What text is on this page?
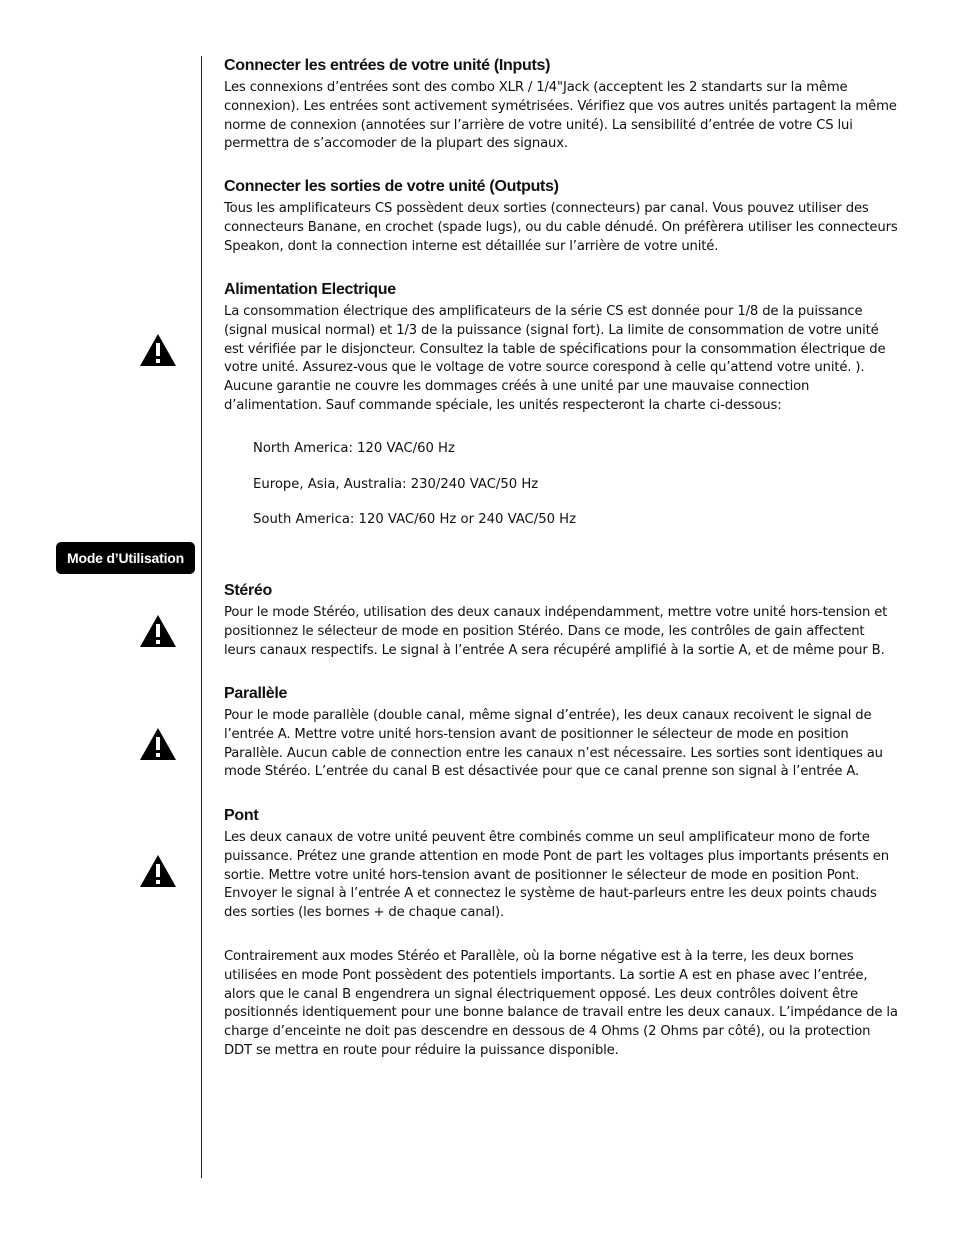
Mode d’Utilisation
Connecter les entrées de votre unité (Inputs)

Les connexions d’entrées sont des combo XLR / 1/4"Jack (acceptent les 2 standarts sur la même connexion). Les entrées sont activement symétrisées. Vérifiez que vos autres unités partagent la même norme de connexion (annotées sur l’arrière de votre unité). La sensibilité d’entrée de votre CS lui permettra de s’accomoder de la plupart des signaux.

Connecter les sorties de votre unité (Outputs)

Tous les amplificateurs CS possèdent deux sorties (connecteurs) par canal. Vous pouvez utiliser des connecteurs Banane, en crochet (spade lugs), ou du cable dénudé. On préfèrera utiliser les connecteurs Speakon, dont la connection interne est détaillée sur l’arrière de votre unité.

Alimentation Electrique

La consommation électrique des amplificateurs de la série CS est donnée pour 1/8 de la puissance (signal musical normal) et 1/3 de la puissance (signal fort). La limite de consommation de votre unité est vérifiée par le disjoncteur. Consultez la table de spécifications pour la consommation électrique de votre unité. Assurez-vous que le voltage de votre source corespond à celle qu’attend votre unité. ). Aucune garantie ne couvre les dommages créés à une unité par une mauvaise connection d’alimentation. Sauf commande spéciale, les unités respecteront la charte ci-dessous:

North America: 120 VAC/60 Hz
Europe, Asia, Australia: 230/240 VAC/50 Hz
South America: 120 VAC/60 Hz or 240 VAC/50 Hz
Stéréo

Pour le mode Stéréo, utilisation des deux canaux indépendamment, mettre votre unité hors-tension et positionnez le sélecteur de mode en position Stéréo. Dans ce mode, les contrôles de gain affectent leurs canaux respectifs. Le signal à l’entrée A sera récupéré amplifié à la sortie A, et de même pour B.

Parallèle

Pour le mode parallèle (double canal, même signal d’entrée), les deux canaux recoivent le signal de l’entrée A. Mettre votre unité hors-tension avant de positionner le sélecteur de mode en position Parallèle. Aucun cable de connection entre les canaux n’est nécessaire. Les sorties sont identiques au mode Stéréo. L’entrée du canal B est désactivée pour que ce canal prenne son signal à l’entrée A.

Pont

Les deux canaux de votre unité peuvent être combinés comme un seul amplificateur mono de forte puissance. Prétez une grande attention en mode Pont de part les voltages plus importants présents en sortie. Mettre votre unité hors-tension avant de positionner le sélecteur de mode en position Pont. Envoyer le signal à l’entrée A et connectez le système de haut-parleurs entre les deux points chauds des sorties (les bornes + de chaque canal).

Contrairement aux modes Stéréo et Parallèle, où la borne négative est à la terre, les deux bornes utilisées en mode Pont possèdent des potentiels importants. La sortie A est en phase avec l’entrée, alors que le canal B engendrera un signal électriquement opposé. Les deux contrôles doivent être positionnés identiquement pour une bonne balance de travail entre les deux canaux. L’impédance de la charge d’enceinte ne doit pas descendre en dessous de 4 Ohms (2 Ohms par côté), ou la protection DDT se mettra en route pour réduire la puissance disponible.
